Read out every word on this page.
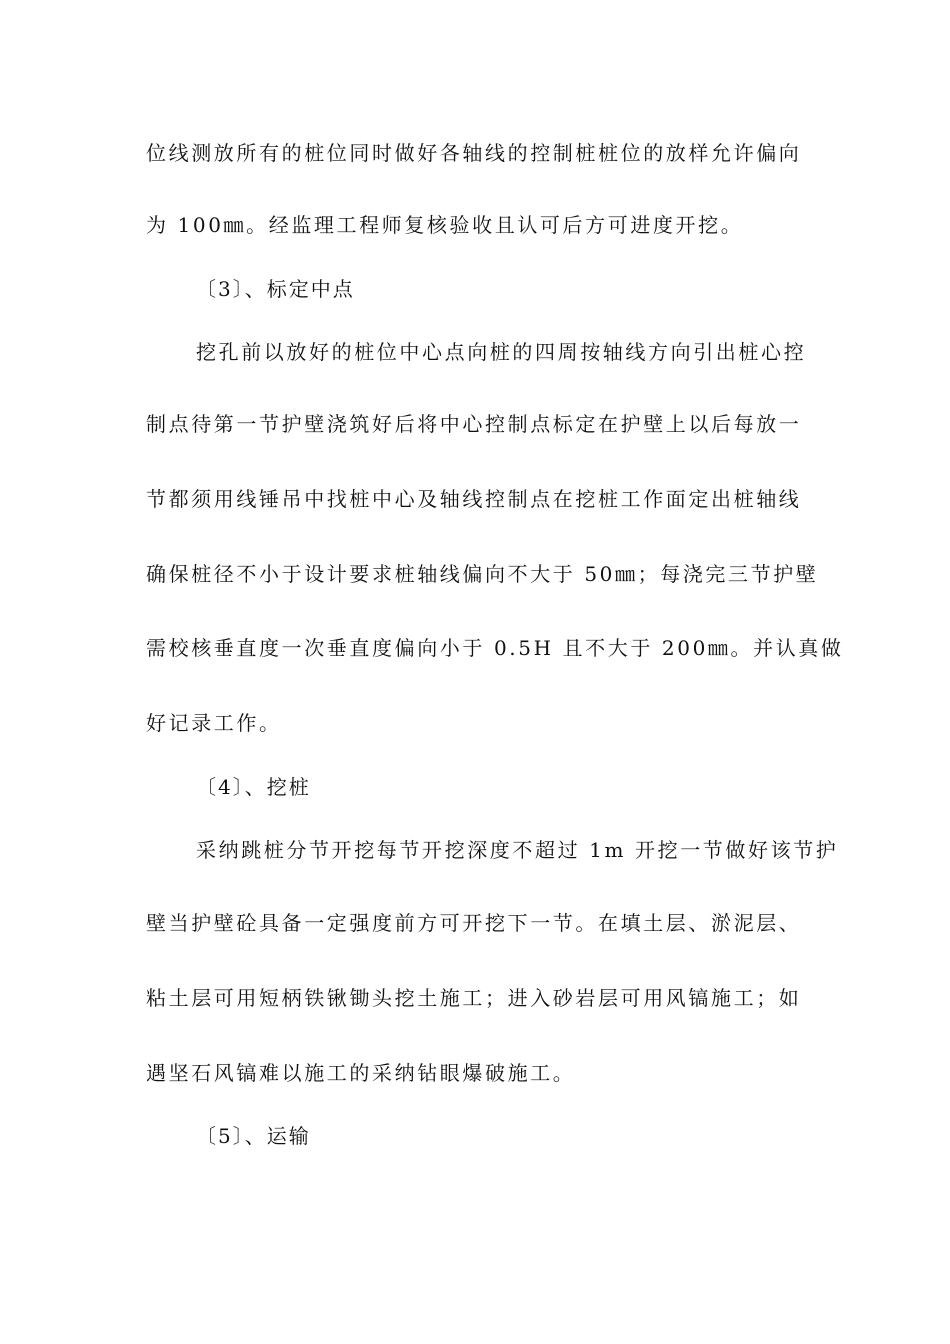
位线测放所有的桩位同时做好各轴线的控制桩桩位的放样允许偏向
为 100㎜。经监理工程师复核验收且认可后方可进度开挖。
〔3〕、标定中点
挖孔前以放好的桩位中心点向桩的四周按轴线方向引出桩心控
制点待第一节护壁浇筑好后将中心控制点标定在护壁上以后每放一
节都须用线锤吊中找桩中心及轴线控制点在挖桩工作面定出桩轴线
确保桩径不小于设计要求桩轴线偏向不大于 50㎜；每浇完三节护壁
需校核垂直度一次垂直度偏向小于 0.5H 且不大于 200㎜。并认真做
好记录工作。
〔4〕、挖桩
采纳跳桩分节开挖每节开挖深度不超过 1m 开挖一节做好该节护
壁当护壁砼具备一定强度前方可开挖下一节。在填土层、淤泥层、
粘土层可用短柄铁锹锄头挖土施工；进入砂岩层可用风镐施工；如
遇坚石风镐难以施工的采纳钻眼爆破施工。
〔5〕、运输
